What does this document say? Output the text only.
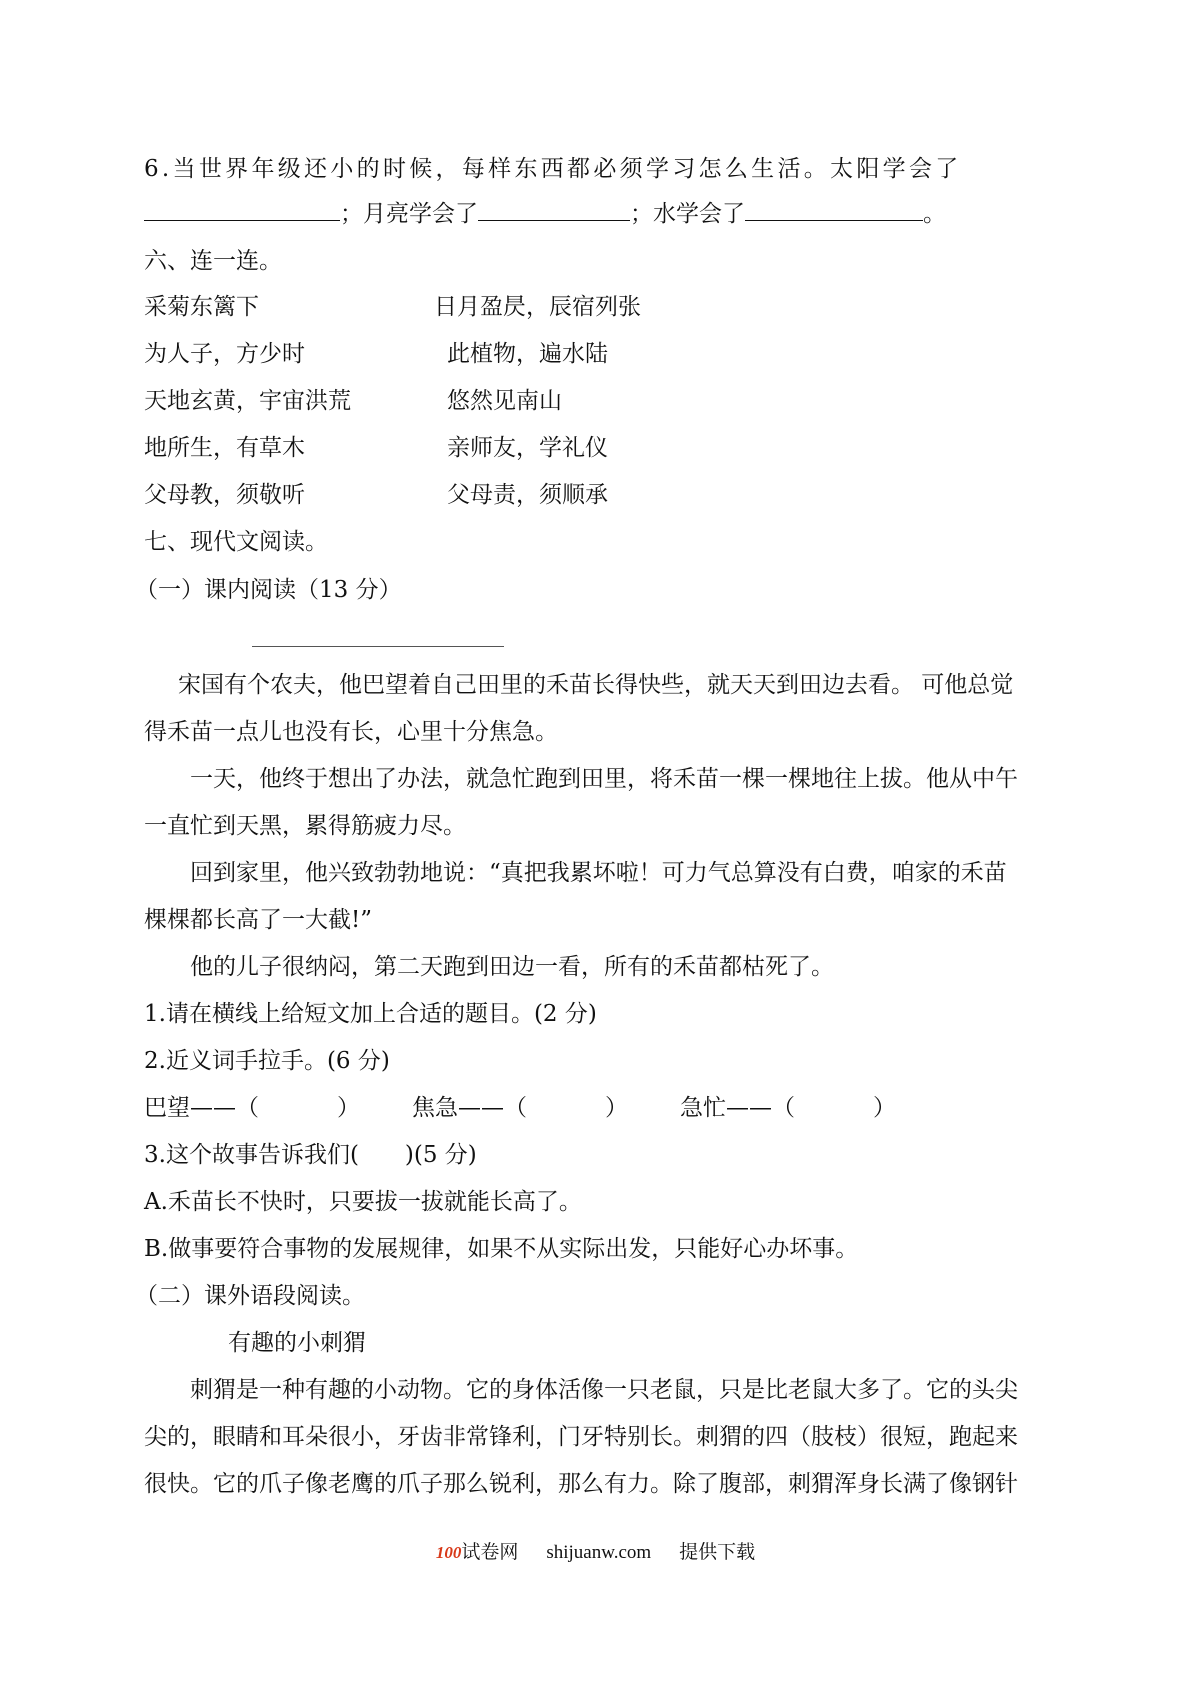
6.当世界年级还小的时候，每样东西都必须学习怎么生活。太阳学会了
；月亮学会了	；水学会了	。
六、连一连。
采菊东篱下	日月盈昃，辰宿列张
为人子，方少时	此植物，遍水陆
天地玄黄，宇宙洪荒	悠然见南山
地所生，有草木	亲师友，学礼仪
父母教，须敬听	父母责，须顺承
七、现代文阅读。
（一）课内阅读（13 分）
宋国有个农夫，他巴望着自己田里的禾苗长得快些，就天天到田边去看。 可他总觉
得禾苗一点儿也没有长，心里十分焦急。
一天，他终于想出了办法，就急忙跑到田里，将禾苗一棵一棵地往上拔。他从中午
一直忙到天黑，累得筋疲力尽。
回到家里，他兴致勃勃地说：“真把我累坏啦！可力气总算没有白费，咱家的禾苗
棵棵都长高了一大截!”
他的儿子很纳闷，第二天跑到田边一看，所有的禾苗都枯死了。
1.请在横线上给短文加上合适的题目。(2 分)
2.近义词手拉手。(6 分)
巴望——（	） 焦急——（	） 急忙——（	）
3.这个故事告诉我们(　　)(5 分)
A.禾苗长不快时，只要拔一拔就能长高了。
B.做事要符合事物的发展规律，如果不从实际出发，只能好心办坏事。
（二）课外语段阅读。
有趣的小刺猬
刺猬是一种有趣的小动物。它的身体活像一只老鼠，只是比老鼠大多了。它的头尖
尖的，眼睛和耳朵很小，牙齿非常锋利，门牙特别长。刺猬的四（肢枝）很短，跑起来
很快。它的爪子像老鹰的爪子那么锐利，那么有力。除了腹部，刺猬浑身长满了像钢针
100试卷网 shijuanw.com 提供下载
